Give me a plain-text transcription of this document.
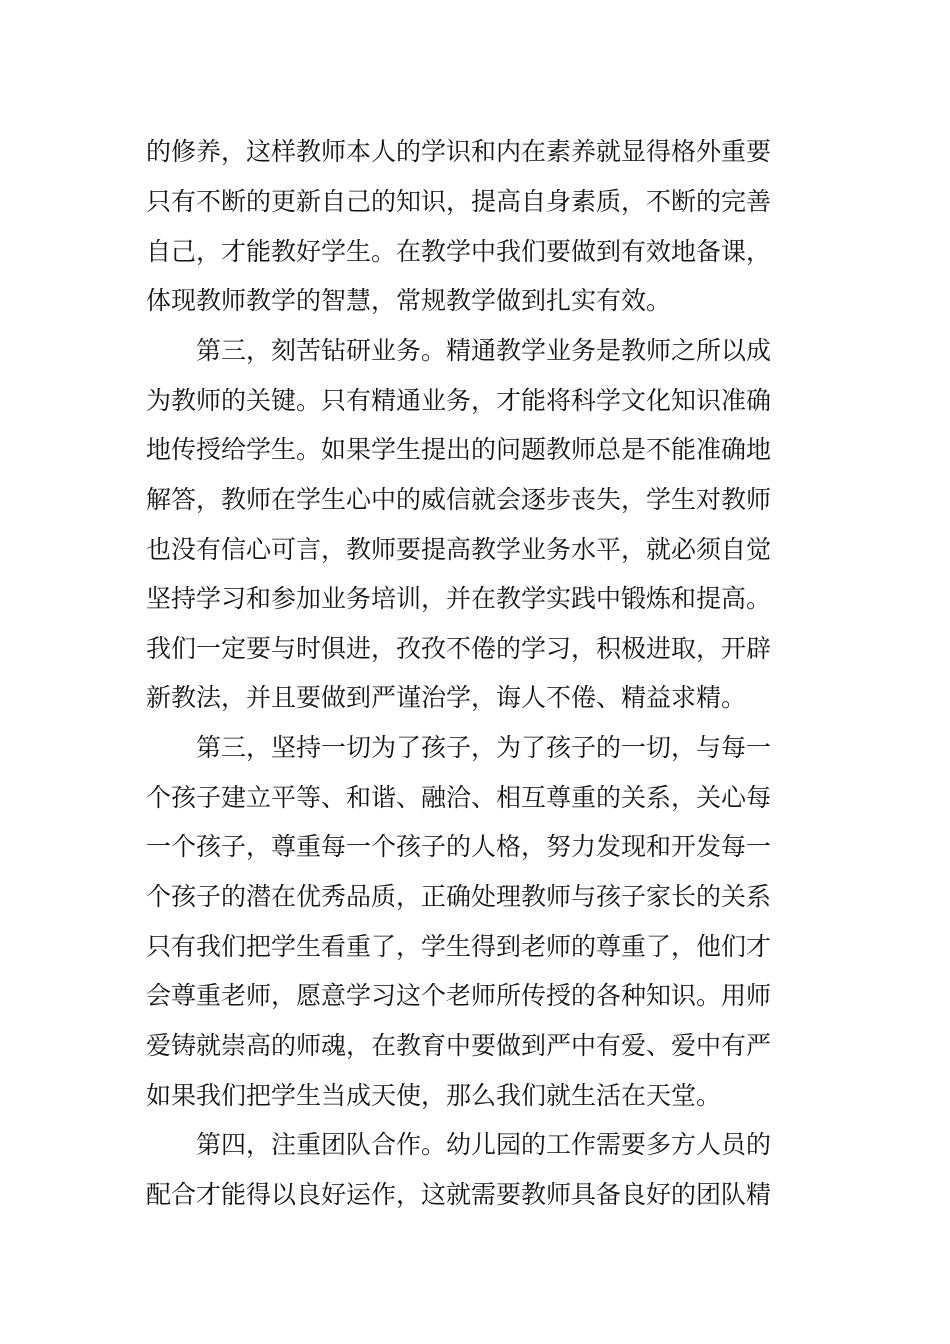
的修养，这样教师本人的学识和内在素养就显得格外重要
只有不断的更新自己的知识，提高自身素质，不断的完善
自己，才能教好学生。在教学中我们要做到有效地备课，
体现教师教学的智慧，常规教学做到扎实有效。
第三，刻苦钻研业务。精通教学业务是教师之所以成
为教师的关键。只有精通业务，才能将科学文化知识准确
地传授给学生。如果学生提出的问题教师总是不能准确地
解答，教师在学生心中的威信就会逐步丧失，学生对教师
也没有信心可言，教师要提高教学业务水平，就必须自觉
坚持学习和参加业务培训，并在教学实践中锻炼和提高。
我们一定要与时俱进，孜孜不倦的学习，积极进取，开辟
新教法，并且要做到严谨治学，诲人不倦、精益求精。
第三，坚持一切为了孩子，为了孩子的一切，与每一
个孩子建立平等、和谐、融洽、相互尊重的关系，关心每
一个孩子，尊重每一个孩子的人格，努力发现和开发每一
个孩子的潜在优秀品质，正确处理教师与孩子家长的关系
只有我们把学生看重了，学生得到老师的尊重了，他们才
会尊重老师，愿意学习这个老师所传授的各种知识。用师
爱铸就崇高的师魂，在教育中要做到严中有爱、爱中有严
如果我们把学生当成天使，那么我们就生活在天堂。
第四，注重团队合作。幼儿园的工作需要多方人员的
配合才能得以良好运作，这就需要教师具备良好的团队精
